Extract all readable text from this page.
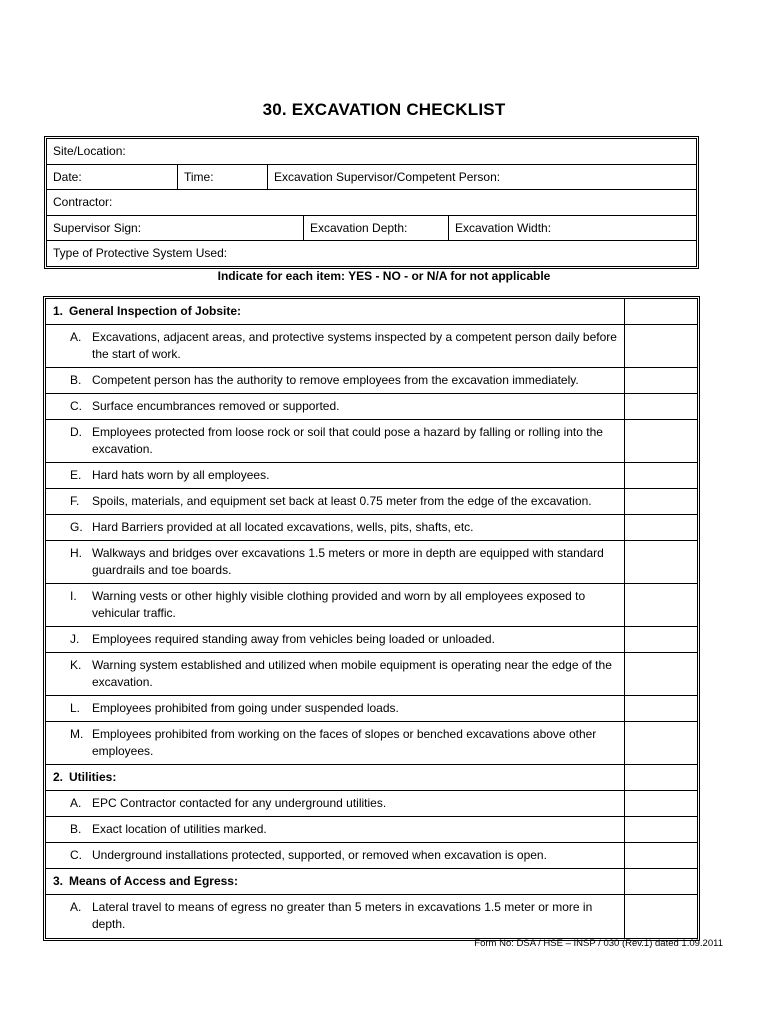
30. EXCAVATION CHECKLIST
Site/Location:
Date:	Time:	Excavation Supervisor/Competent Person:
Contractor:
Supervisor Sign:	Excavation Depth:	Excavation Width:
Type of Protective System Used:
Indicate for each item: YES - NO - or N/A for not applicable
1. General Inspection of Jobsite:
A. Excavations, adjacent areas, and protective systems inspected by a competent person daily before the start of work.
B. Competent person has the authority to remove employees from the excavation immediately.
C. Surface encumbrances removed or supported.
D. Employees protected from loose rock or soil that could pose a hazard by falling or rolling into the excavation.
E. Hard hats worn by all employees.
F.	Spoils, materials, and equipment set back at least 0.75 meter from the edge of the excavation.
G. Hard Barriers provided at all located excavations, wells, pits, shafts, etc.
H. Walkways and bridges over excavations 1.5 meters or more in depth are equipped with standard guardrails and toe boards.
I.	Warning vests or other highly visible clothing provided and worn by all employees exposed to vehicular traffic.
J.	Employees required standing away from vehicles being loaded or unloaded.
K. Warning system established and utilized when mobile equipment is operating near the edge of the excavation.
L. Employees prohibited from going under suspended loads.
M. Employees prohibited from working on the faces of slopes or benched excavations above other employees.
2. Utilities:
A. EPC Contractor contacted for any underground utilities.
B. Exact location of utilities marked.
C. Underground installations protected, supported, or removed when excavation is open.
3. Means of Access and Egress:
A. Lateral travel to means of egress no greater than 5 meters in excavations 1.5 meter or more in depth.
Form No: DSA / HSE – INSP / 030 (Rev.1) dated 1.09.2011
